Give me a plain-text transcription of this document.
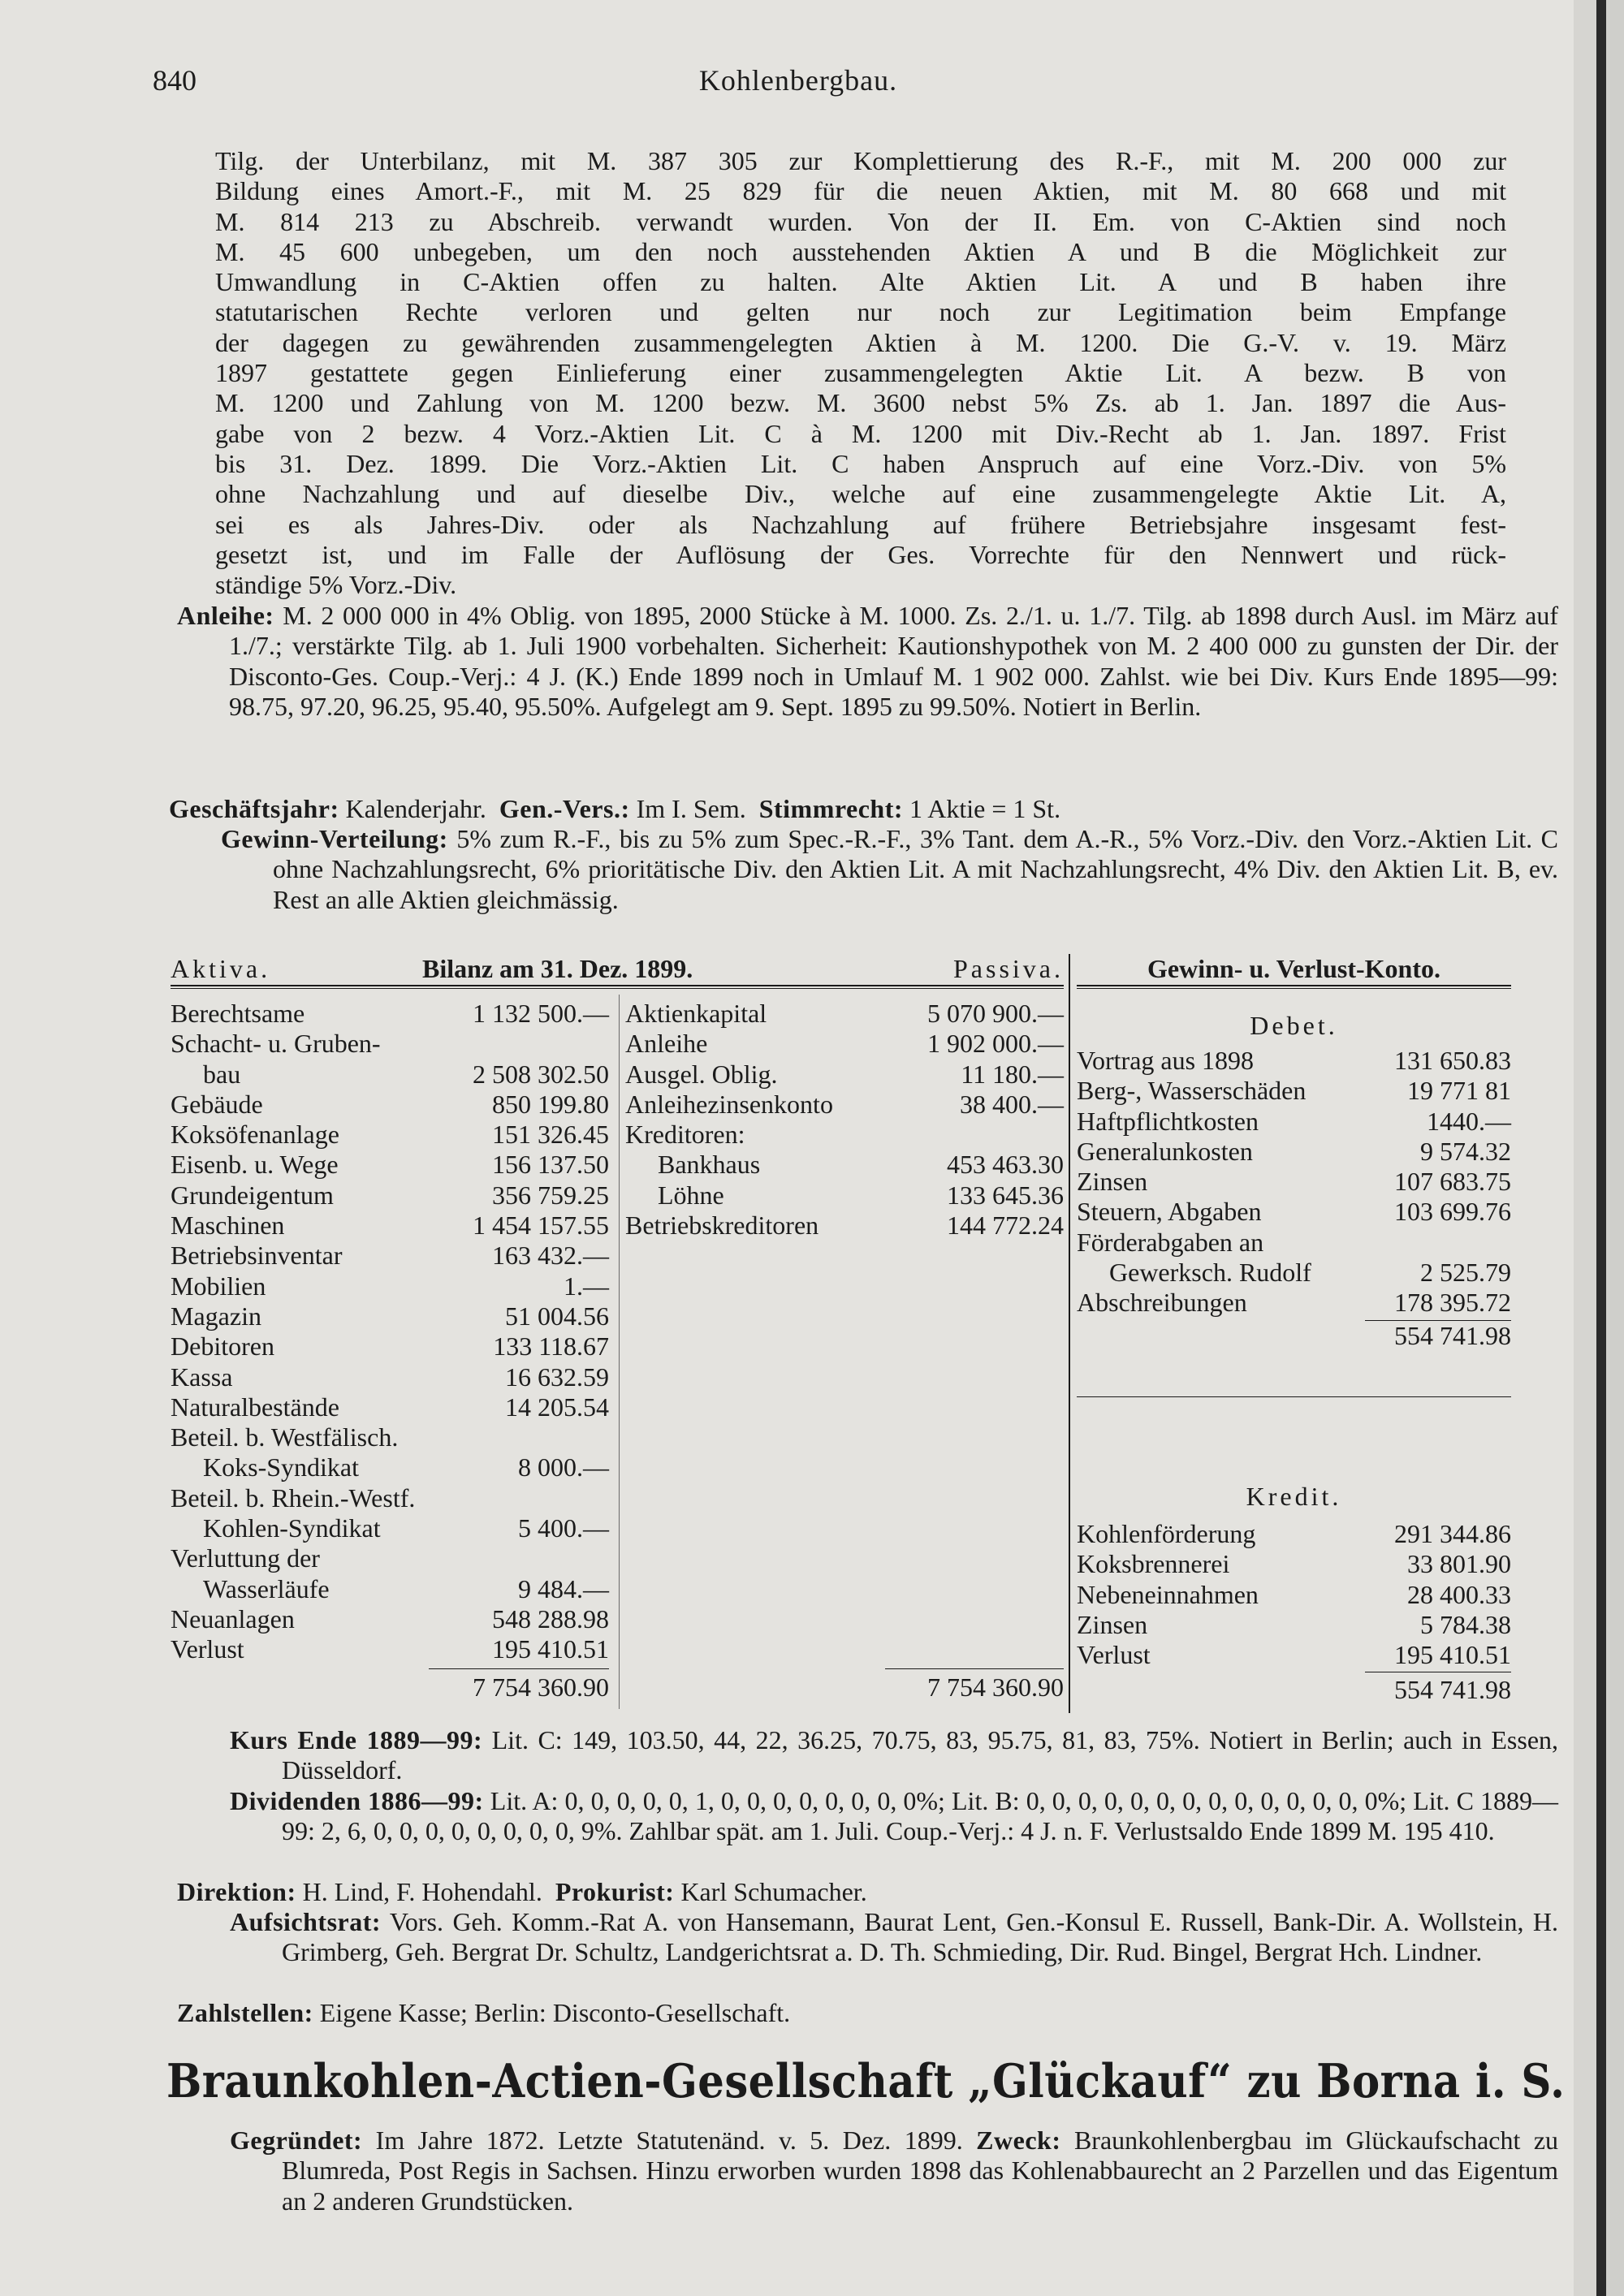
840	Kohlenbergbau.
Tilg. der Unterbilanz, mit M. 387 305 zur Komplettierung des R.-F., mit M. 200 000 zur
Bildung eines Amort.-F., mit M. 25 829 für die neuen Aktien, mit M. 80 668 und mit
M. 814 213 zu Abschreib. verwandt wurden. Von der II. Em. von C-Aktien sind noch
M. 45 600 unbegeben, um den noch ausstehenden Aktien A und B die Möglichkeit zur
Umwandlung in C-Aktien offen zu halten. Alte Aktien Lit. A und B haben ihre
statutarischen Rechte verloren und gelten nur noch zur Legitimation beim Empfange
der dagegen zu gewährenden zusammengelegten Aktien à M. 1200. Die G.-V. v. 19. März
1897 gestattete gegen Einlieferung einer zusammengelegten Aktie Lit. A bezw. B von
M. 1200 und Zahlung von M. 1200 bezw. M. 3600 nebst 5% Zs. ab 1. Jan. 1897 die Aus-
gabe von 2 bezw. 4 Vorz.-Aktien Lit. C à M. 1200 mit Div.-Recht ab 1. Jan. 1897. Frist
bis 31. Dez. 1899. Die Vorz.-Aktien Lit. C haben Anspruch auf eine Vorz.-Div. von 5%
ohne Nachzahlung und auf dieselbe Div., welche auf eine zusammengelegte Aktie Lit. A,
sei es als Jahres-Div. oder als Nachzahlung auf frühere Betriebsjahre insgesamt fest-
gesetzt ist, und im Falle der Auflösung der Ges. Vorrechte für den Nennwert und rück-
ständige 5% Vorz.-Div.
Anleihe: M. 2 000 000 in 4% Oblig. von 1895, 2000 Stücke à M. 1000. Zs. 2./1. u. 1./7. Tilg. ab 1898 durch Ausl. im März auf 1./7.; verstärkte Tilg. ab 1. Juli 1900 vorbehalten. Sicherheit: Kautionshypothek von M. 2 400 000 zu gunsten der Dir. der Disconto-Ges. Coup.-Verj.: 4 J. (K.) Ende 1899 noch in Umlauf M. 1 902 000. Zahlst. wie bei Div. Kurs Ende 1895—99: 98.75, 97.20, 96.25, 95.40, 95.50%. Aufgelegt am 9. Sept. 1895 zu 99.50%. Notiert in Berlin.
Geschäftsjahr: Kalenderjahr. Gen.-Vers.: Im I. Sem. Stimmrecht: 1 Aktie = 1 St.
Gewinn-Verteilung: 5% zum R.-F., bis zu 5% zum Spec.-R.-F., 3% Tant. dem A.-R., 5% Vorz.-Div. den Vorz.-Aktien Lit. C ohne Nachzahlungsrecht, 6% prioritätische Div. den Aktien Lit. A mit Nachzahlungsrecht, 4% Div. den Aktien Lit. B, ev. Rest an alle Aktien gleichmässig.
Aktiva.	Bilanz am 31. Dez. 1899.	Passiva.
Berechtsame	1 132 500.—
Schacht- u. Gruben-
bau	2 508 302.50
Gebäude	850 199.80
Koksöfenanlage	151 326.45
Eisenb. u. Wege	156 137.50
Grundeigentum	356 759.25
Maschinen	1 454 157.55
Betriebsinventar	163 432.—
Mobilien	1.—
Magazin	51 004.56
Debitoren	133 118.67
Kassa	16 632.59
Naturalbestände	14 205.54
Beteil. b. Westfälisch.
Koks-Syndikat	8 000.—
Beteil. b. Rhein.-Westf.
Kohlen-Syndikat	5 400.—
Verluttung der
Wasserläufe	9 484.—
Neuanlagen	548 288.98
Verlust	195 410.51
7 754 360.90
Aktienkapital	5 070 900.—
Anleihe	1 902 000.—
Ausgel. Oblig.	11 180.—
Anleihezinsenkonto	38 400.—
Kreditoren:
Bankhaus	453 463.30
Löhne	133 645.36
Betriebskreditoren	144 772.24
7 754 360.90
Gewinn- u. Verlust-Konto.
Debet.
Vortrag aus 1898	131 650.83
Berg-, Wasserschäden	19 771 81
Haftpflichtkosten	1440.—
Generalunkosten	9 574.32
Zinsen	107 683.75
Steuern, Abgaben	103 699.76
Förderabgaben an
Gewerksch. Rudolf	2 525.79
Abschreibungen	178 395.72
554 741.98
Kredit.
Kohlenförderung	291 344.86
Koksbrennerei	33 801.90
Nebeneinnahmen	28 400.33
Zinsen	5 784.38
Verlust	195 410.51
554 741.98
Kurs Ende 1889—99: Lit. C: 149, 103.50, 44, 22, 36.25, 70.75, 83, 95.75, 81, 83, 75%. Notiert in Berlin; auch in Essen, Düsseldorf.
Dividenden 1886—99: Lit. A: 0, 0, 0, 0, 0, 1, 0, 0, 0, 0, 0, 0, 0, 0%; Lit. B: 0, 0, 0, 0, 0, 0, 0, 0, 0, 0, 0, 0, 0, 0%; Lit. C 1889—99: 2, 6, 0, 0, 0, 0, 0, 0, 0, 0, 9%. Zahlbar spät. am 1. Juli. Coup.-Verj.: 4 J. n. F. Verlustsaldo Ende 1899 M. 195 410.
Direktion: H. Lind, F. Hohendahl. Prokurist: Karl Schumacher.
Aufsichtsrat: Vors. Geh. Komm.-Rat A. von Hansemann, Baurat Lent, Gen.-Konsul E. Russell, Bank-Dir. A. Wollstein, H. Grimberg, Geh. Bergrat Dr. Schultz, Landgerichtsrat a. D. Th. Schmieding, Dir. Rud. Bingel, Bergrat Hch. Lindner.
Zahlstellen: Eigene Kasse; Berlin: Disconto-Gesellschaft.
Braunkohlen-Actien-Gesellschaft „Glückauf“ zu Borna i. S.
Gegründet: Im Jahre 1872. Letzte Statutenänd. v. 5. Dez. 1899. Zweck: Braunkohlenbergbau im Glückaufschacht zu Blumreda, Post Regis in Sachsen. Hinzu erworben wurden 1898 das Kohlenabbaurecht an 2 Parzellen und das Eigentum an 2 anderen Grundstücken.
